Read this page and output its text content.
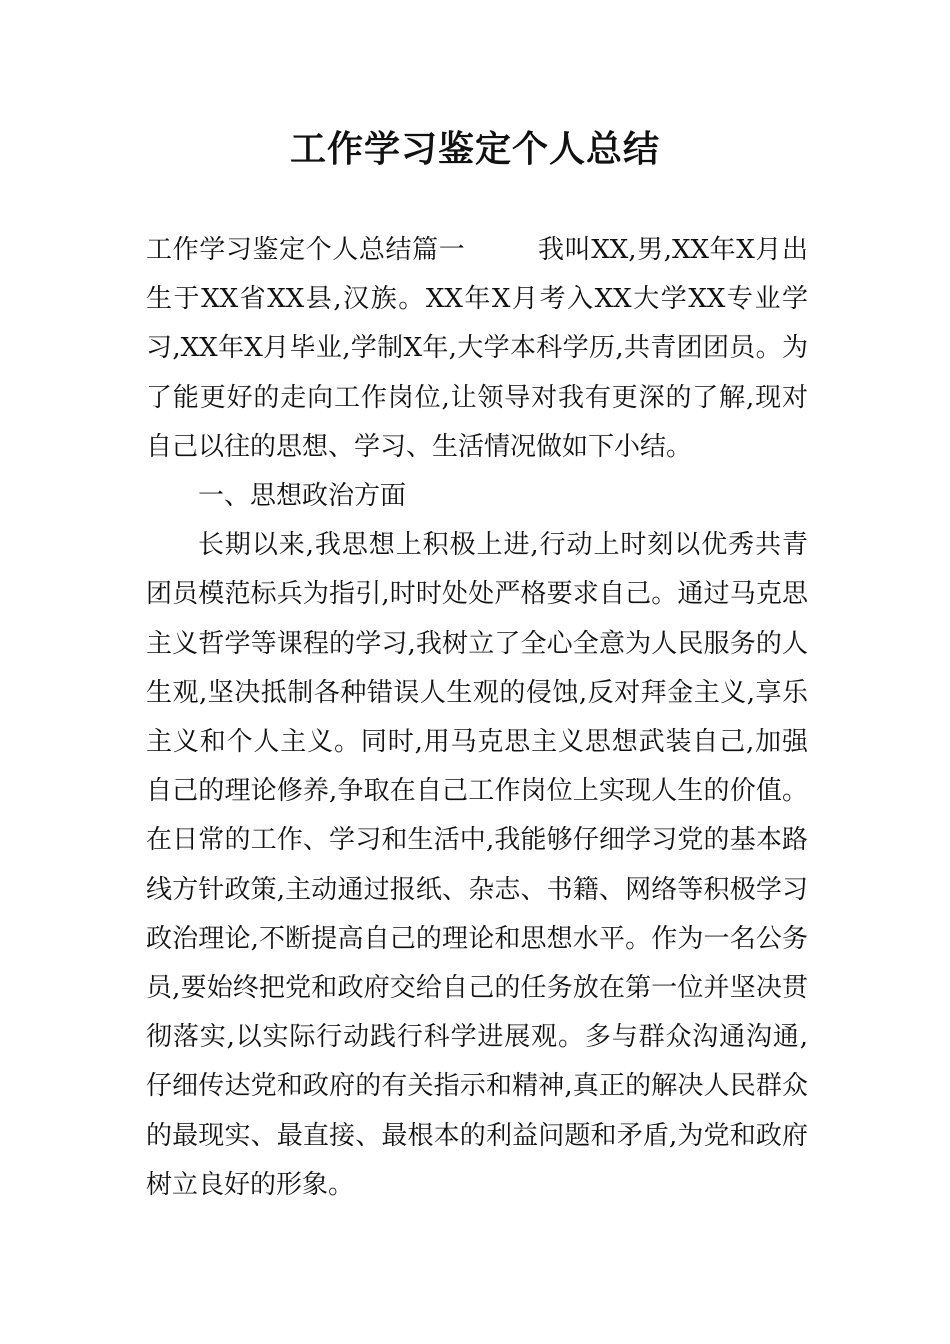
工作学习鉴定个人总结

工作学习鉴定个人总结篇一	我叫XX,男,XX年X月出生于XX省XX县,汉族。XX年X月考入XX大学XX专业学习,XX年X月毕业,学制X年,大学本科学历,共青团团员。为了能更好的走向工作岗位,让领导对我有更深的了解,现对自己以往的思想、学习、生活情况做如下小结。

一、思想政治方面

长期以来,我思想上积极上进,行动上时刻以优秀共青团员模范标兵为指引,时时处处严格要求自己。通过马克思主义哲学等课程的学习,我树立了全心全意为人民服务的人生观,坚决抵制各种错误人生观的侵蚀,反对拜金主义,享乐主义和个人主义。同时,用马克思主义思想武装自己,加强自己的理论修养,争取在自己工作岗位上实现人生的价值。在日常的工作、学习和生活中,我能够仔细学习党的基本路线方针政策,主动通过报纸、杂志、书籍、网络等积极学习政治理论,不断提高自己的理论和思想水平。作为一名公务员,要始终把党和政府交给自己的任务放在第一位并坚决贯彻落实,以实际行动践行科学进展观。多与群众沟通沟通,仔细传达党和政府的有关指示和精神,真正的解决人民群众的最现实、最直接、最根本的利益问题和矛盾,为党和政府树立良好的形象。
